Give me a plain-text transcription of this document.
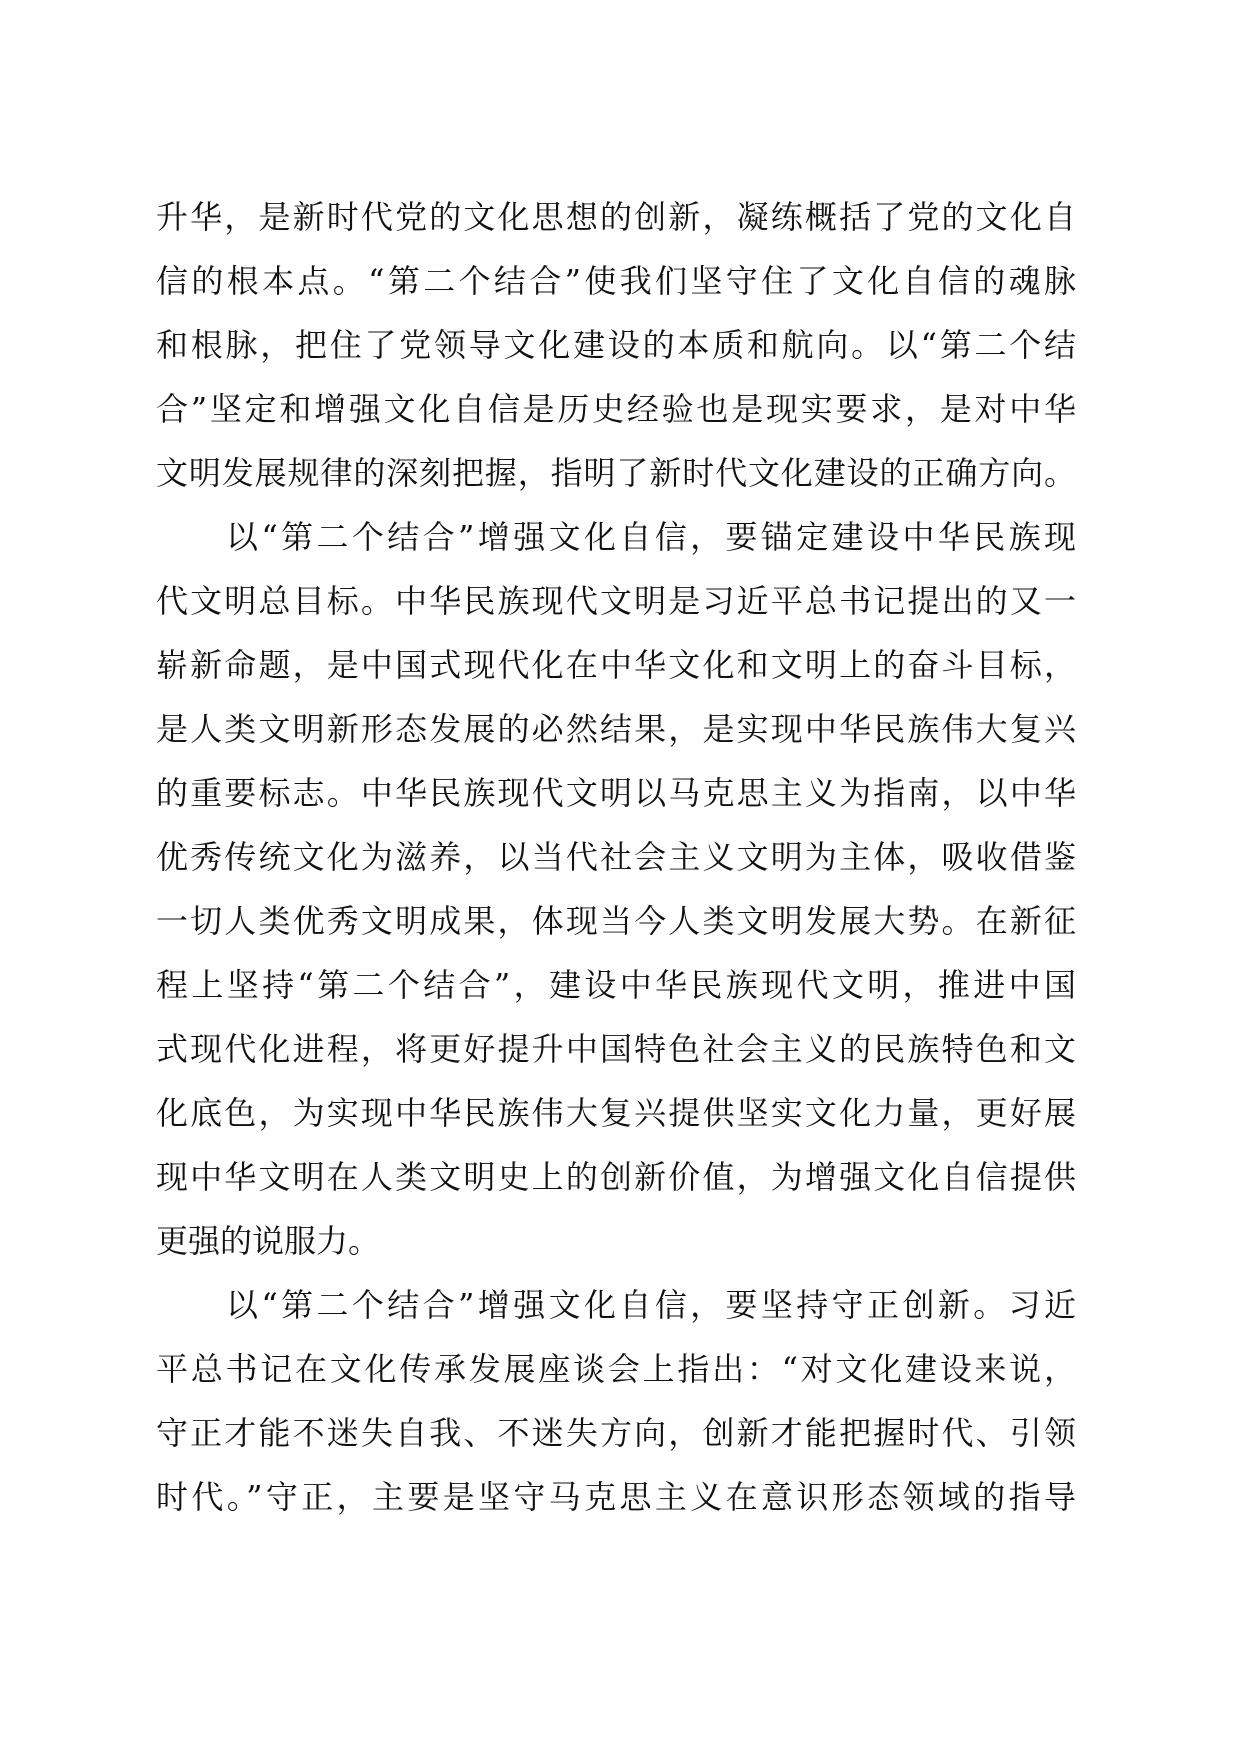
升华，是新时代党的文化思想的创新，凝练概括了党的文化自
信的根本点。“第二个结合”使我们坚守住了文化自信的魂脉
和根脉，把住了党领导文化建设的本质和航向。以“第二个结
合”坚定和增强文化自信是历史经验也是现实要求，是对中华
文明发展规律的深刻把握，指明了新时代文化建设的正确方向。
以“第二个结合”增强文化自信，要锚定建设中华民族现
代文明总目标。中华民族现代文明是习近平总书记提出的又一
崭新命题，是中国式现代化在中华文化和文明上的奋斗目标，
是人类文明新形态发展的必然结果，是实现中华民族伟大复兴
的重要标志。中华民族现代文明以马克思主义为指南，以中华
优秀传统文化为滋养，以当代社会主义文明为主体，吸收借鉴
一切人类优秀文明成果，体现当今人类文明发展大势。在新征
程上坚持“第二个结合”，建设中华民族现代文明，推进中国
式现代化进程，将更好提升中国特色社会主义的民族特色和文
化底色，为实现中华民族伟大复兴提供坚实文化力量，更好展
现中华文明在人类文明史上的创新价值，为增强文化自信提供
更强的说服力。
以“第二个结合”增强文化自信，要坚持守正创新。习近
平总书记在文化传承发展座谈会上指出：“对文化建设来说，
守正才能不迷失自我、不迷失方向，创新才能把握时代、引领
时代。”守正，主要是坚守马克思主义在意识形态领域的指导
